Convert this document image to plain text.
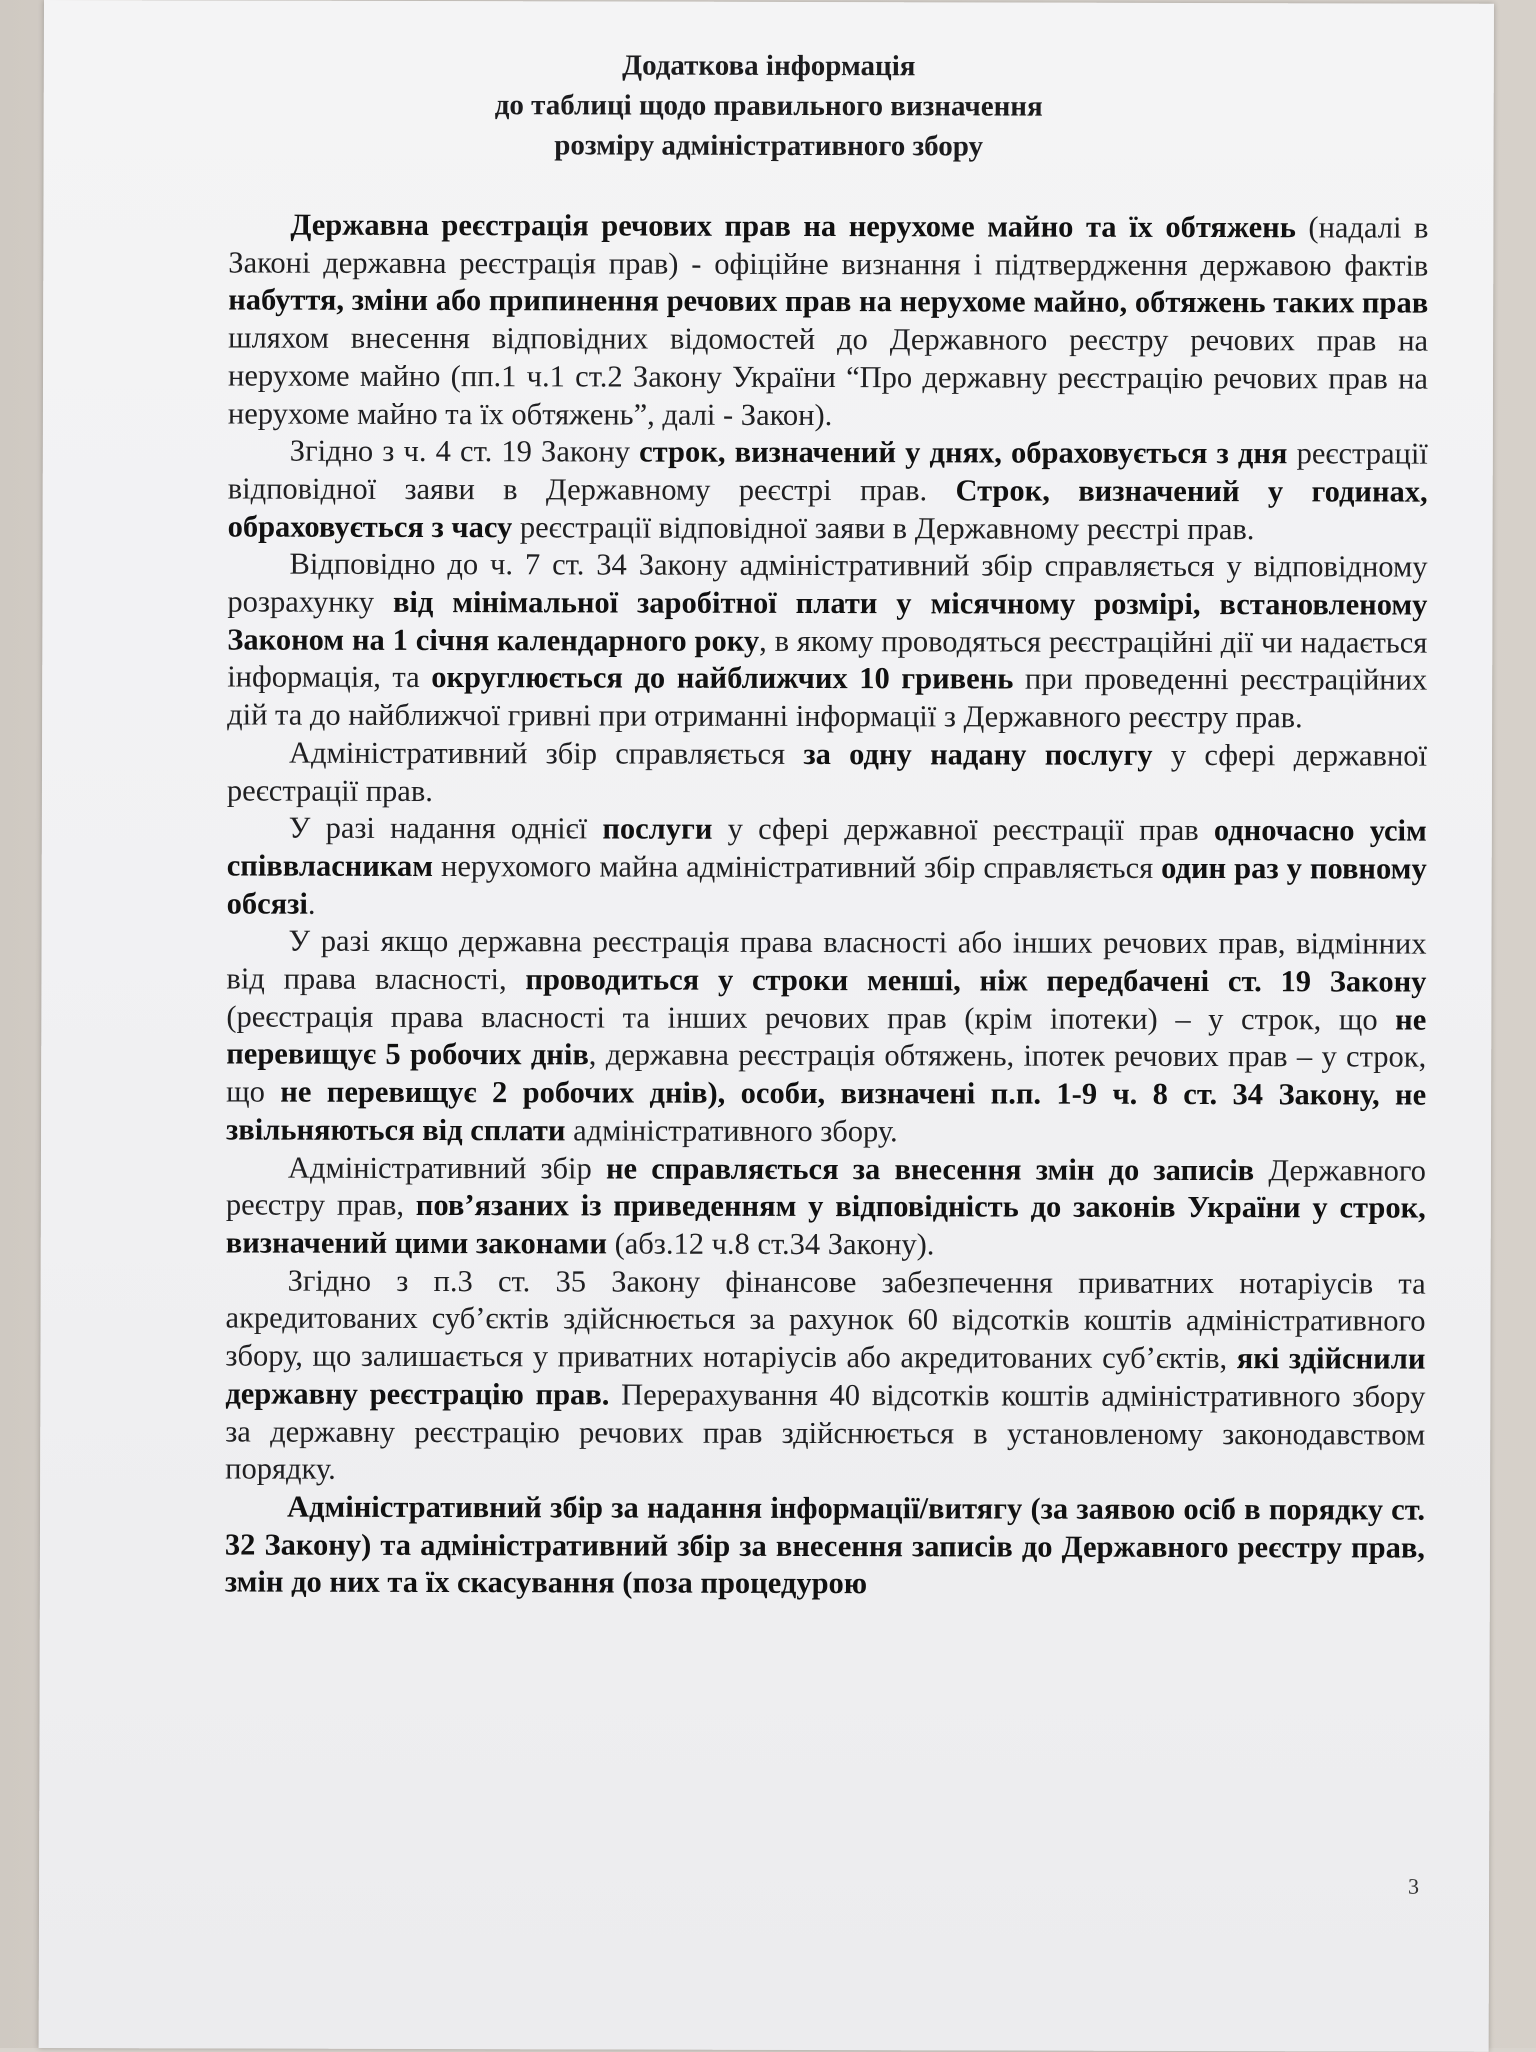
Додаткова інформація
до таблиці щодо правильного визначення
розміру адміністративного збору

Державна реєстрація речових прав на нерухоме майно та їх обтяжень (надалі в Законі державна реєстрація прав) - офіційне визнання і підтвердження державою фактів набуття, зміни або припинення речових прав на нерухоме майно, обтяжень таких прав шляхом внесення відповідних відомостей до Державного реєстру речових прав на нерухоме майно (пп.1 ч.1 ст.2 Закону України “Про державну реєстрацію речових прав на нерухоме майно та їх обтяжень”, далі - Закон).

Згідно з ч. 4 ст. 19 Закону строк, визначений у днях, обраховується з дня реєстрації відповідної заяви в Державному реєстрі прав. Строк, визначений у годинах, обраховується з часу реєстрації відповідної заяви в Державному реєстрі прав.

Відповідно до ч. 7 ст. 34 Закону адміністративний збір справляється у відповідному розрахунку від мінімальної заробітної плати у місячному розмірі, встановленому Законом на 1 січня календарного року, в якому проводяться реєстраційні дії чи надається інформація, та округлюється до найближчих 10 гривень при проведенні реєстраційних дій та до найближчої гривні при отриманні інформації з Державного реєстру прав.

Адміністративний збір справляється за одну надану послугу у сфері державної реєстрації прав.

У разі надання однієї послуги у сфері державної реєстрації прав одночасно усім співвласникам нерухомого майна адміністративний збір справляється один раз у повному обсязі.

У разі якщо державна реєстрація права власності або інших речових прав, відмінних від права власності, проводиться у строки менші, ніж передбачені ст. 19 Закону (реєстрація права власності та інших речових прав (крім іпотеки) – у строк, що не перевищує 5 робочих днів, державна реєстрація обтяжень, іпотек речових прав – у строк, що не перевищує 2 робочих днів), особи, визначені п.п. 1-9 ч. 8 ст. 34 Закону, не звільняються від сплати адміністративного збору.

Адміністративний збір не справляється за внесення змін до записів Державного реєстру прав, пов’язаних із приведенням у відповідність до законів України у строк, визначений цими законами (абз.12 ч.8 ст.34 Закону).

Згідно з п.3 ст. 35 Закону фінансове забезпечення приватних нотаріусів та акредитованих суб’єктів здійснюється за рахунок 60 відсотків коштів адміністративного збору, що залишається у приватних нотаріусів або акредитованих суб’єктів, які здійснили державну реєстрацію прав. Перерахування 40 відсотків коштів адміністративного збору за державну реєстрацію речових прав здійснюється в установленому законодавством порядку.

Адміністративний збір за надання інформації/витягу (за заявою осіб в порядку ст. 32 Закону) та адміністративний збір за внесення записів до Державного реєстру прав, змін до них та їх скасування (поза процедурою

3
